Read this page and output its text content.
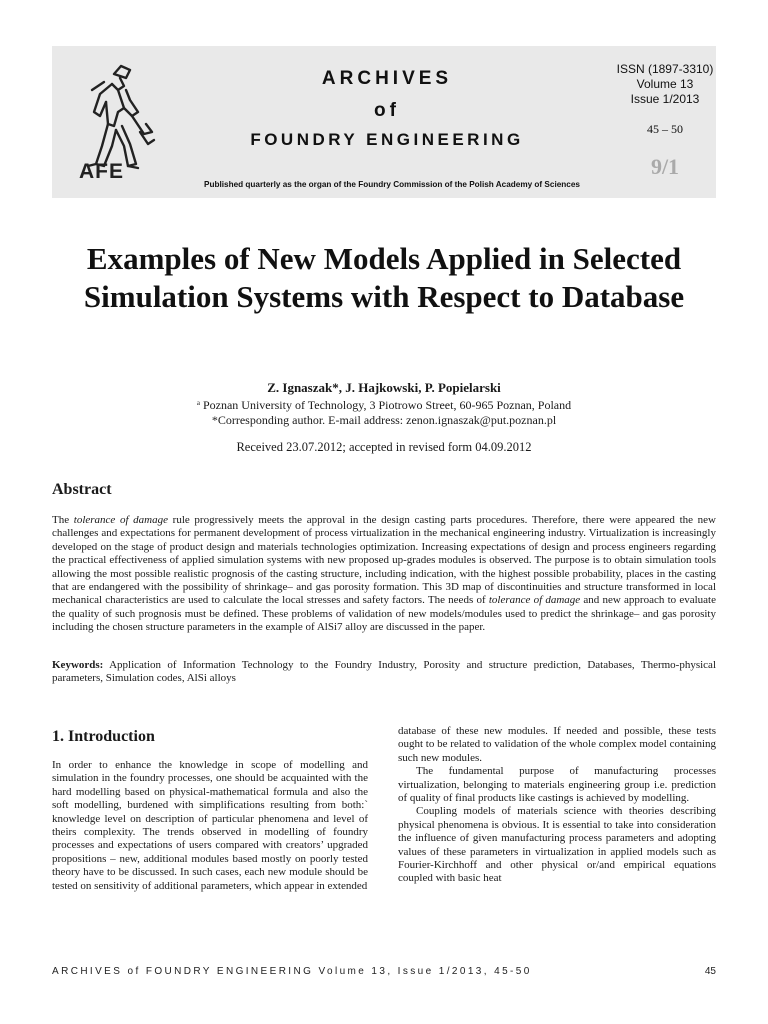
AFE
ARCHIVES
of
FOUNDRY ENGINEERING
Published quarterly as the organ of the Foundry Commission of the Polish Academy of Sciences
ISSN (1897-3310)
Volume 13
Issue 1/2013
45 – 50
9/1
Examples of New Models Applied in Selected Simulation Systems with Respect to Database
Z. Ignaszak*, J. Hajkowski, P. Popielarski
$^a$ Poznan University of Technology, 3 Piotrowo Street, 60-965 Poznan, Poland
*Corresponding author. E-mail address: zenon.ignaszak@put.poznan.pl
Received 23.07.2012; accepted in revised form 04.09.2012
Abstract
The tolerance of damage rule progressively meets the approval in the design casting parts procedures. Therefore, there were appeared the new challenges and expectations for permanent development of process virtualization in the mechanical engineering industry. Virtualization is increasingly developed on the stage of product design and materials technologies optimization. Increasing expectations of design and process engineers regarding the practical effectiveness of applied simulation systems with new proposed up-grades modules is observed. The purpose is to obtain simulation tools allowing the most possible realistic prognosis of the casting structure, including indication, with the highest possible probability, places in the casting that are endangered with the possibility of shrinkage– and gas porosity formation. This 3D map of discontinuities and structure transformed in local mechanical characteristics are used to calculate the local stresses and safety factors. The needs of tolerance of damage and new approach to evaluate the quality of such prognosis must be defined. These problems of validation of new models/modules used to predict the shrinkage– and gas porosity including the chosen structure parameters in the example of AlSi7 alloy are discussed in the paper.
Keywords: Application of Information Technology to the Foundry Industry, Porosity and structure prediction, Databases, Thermo-physical parameters, Simulation codes, AlSi alloys
1. Introduction

In order to enhance the knowledge in scope of modelling and simulation in the foundry processes, one should be acquainted with the hard modelling based on physical-mathematical formula and also the soft modelling, burdened with simplifications resulting from both:` knowledge level on description of particular phenomena and level of theirs complexity. The trends observed in modelling of foundry processes and expectations of users compared with creators’ upgraded propositions – new, additional modules based mostly on poorly tested theory have to be discussed. In such cases, each new module should be tested on sensitivity of additional parameters, which appear in extended

database of these new modules. If needed and possible, these tests ought to be related to validation of the whole complex model containing such new modules.

The fundamental purpose of manufacturing processes virtualization, belonging to materials engineering group i.e. prediction of quality of final products like castings is achieved by modelling.

Coupling models of materials science with theories describing physical phenomena is obvious. It is essential to take into consideration the influence of given manufacturing process parameters and adopting values of these parameters in virtualization in applied models such as Fourier-Kirchhoff and other physical or/and empirical equations coupled with basic heat

ARCHIVES of FOUNDRY ENGINEERING Volume 13, Issue 1/2013, 45-50	45
